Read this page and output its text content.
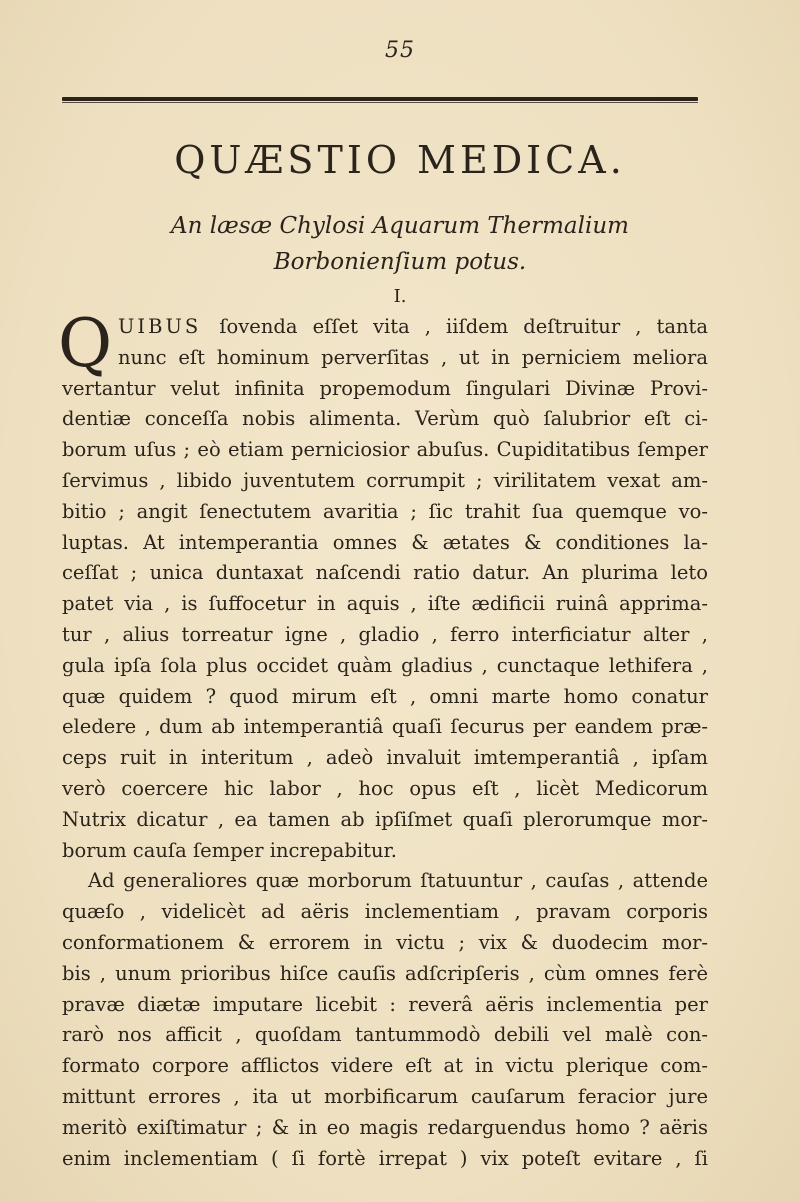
55
QUÆSTIO MEDICA.
An læsæ Chylosi Aquarum Thermalium Borbonienſium potus.
I.
Q UIBUS ſovenda eſſet vita , iiſdem deſtruitur , tanta
nunc eſt hominum perverſitas , ut in perniciem meliora
vertantur velut infinita propemodum ſingulari Divinæ Provi-
dentiæ conceſſa nobis alimenta. Verùm quò ſalubrior eſt ci-
borum uſus ; eò etiam perniciosior abuſus. Cupiditatibus ſemper
ſervimus , libido juventutem corrumpit ; virilitatem vexat am-
bitio ; angit ſenectutem avaritia ; ſic trahit ſua quemque vo-
luptas. At intemperantia omnes & ætates & conditiones la-
ceſſat ; unica duntaxat naſcendi ratio datur. An plurima leto
patet via , is ſuffocetur in aquis , iſte ædificii ruinâ apprima-
tur , alius torreatur igne , gladio , ferro interficiatur alter ,
gula ipſa ſola plus occidet quàm gladius , cunctaque lethifera ,
quæ quidem ? quod mirum eſt , omni marte homo conatur
eledere , dum ab intemperantiâ quaſi ſecurus per eandem præ-
ceps ruit in interitum , adeò invaluit imtemperantiâ , ipſam
verò coercere hic labor , hoc opus eſt , licèt Medicorum
Nutrix dicatur , ea tamen ab ipſiſmet quaſi plerorumque mor-
borum cauſa ſemper increpabitur.
Ad generaliores quæ morborum ſtatuuntur , cauſas , attende
quæſo , videlicèt ad aëris inclementiam , pravam corporis
conformationem & errorem in victu ; vix & duodecim mor-
bis , unum prioribus hiſce cauſis adſcripſeris , cùm omnes ferè
pravæ diætæ imputare licebit : reverâ aëris inclementia per
rarò nos afficit , quoſdam tantummodò debili vel malè con-
formato corpore afflictos videre eſt at in victu plerique com-
mittunt errores , ita ut morbificarum cauſarum feracior jure
meritò exiſtimatur ; & in eo magis redarguendus homo ? aëris
enim inclementiam ( ſi fortè irrepat ) vix poteſt evitare , ſi
